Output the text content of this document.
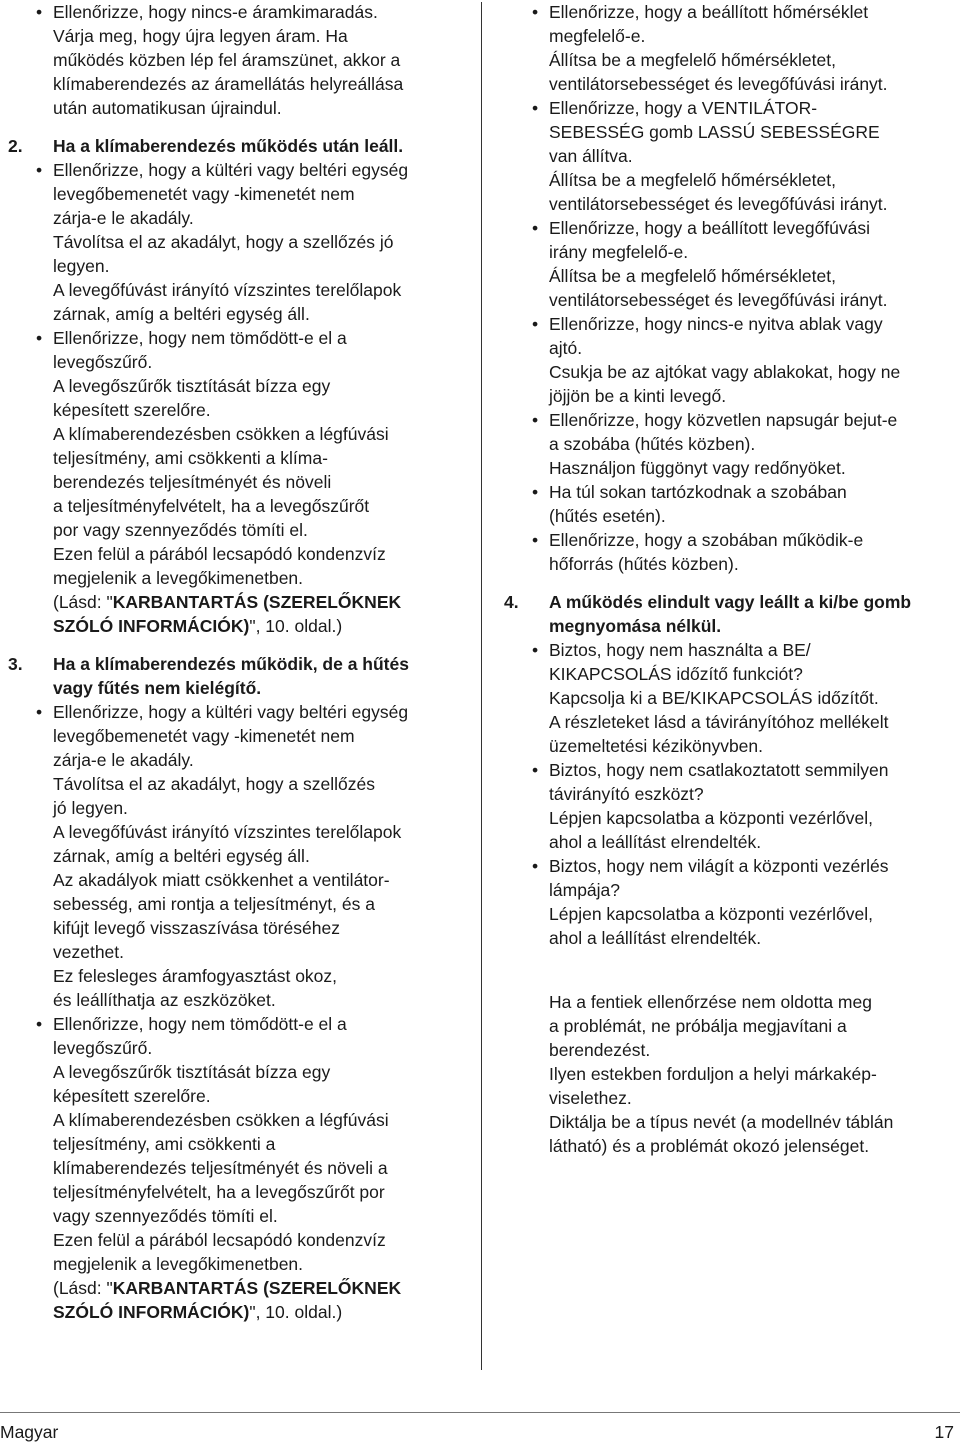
• Ellenőrizze, hogy nincs-e áramkimaradás.

Várja meg, hogy újra legyen áram. Ha

működés közben lép fel áramszünet, akkor a

klímaberendezés az áramellátás helyreállása

után automatikusan újraindul.

2. Ha a klímaberendezés működés után leáll.

• Ellenőrizze, hogy a kültéri vagy beltéri egység

levegőbemenetét vagy -kimenetét nem

zárja-e le akadály.

Távolítsa el az akadályt, hogy a szellőzés jó

legyen.

A levegőfúvást irányító vízszintes terelőlapok

zárnak, amíg a beltéri egység áll.

• Ellenőrizze, hogy nem tömődött-e el a

levegőszűrő.

A levegőszűrők tisztítását bízza egy

képesített szerelőre.

A klímaberendezésben csökken a légfúvási

teljesítmény, ami csökkenti a klíma-

berendezés teljesítményét és növeli

a teljesítményfelvételt, ha a levegőszűrőt

por vagy szennyeződés tömíti el.

Ezen felül a párából lecsapódó kondenzvíz

megjelenik a levegőkimenetben.

(Lásd: "KARBANTARTÁS (SZERELŐKNEK

SZÓLÓ INFORMÁCIÓK)", 10. oldal.)

3. Ha a klímaberendezés működik, de a hűtés

vagy fűtés nem kielégítő.

• Ellenőrizze, hogy a kültéri vagy beltéri egység

levegőbemenetét vagy -kimenetét nem

zárja-e le akadály.

Távolítsa el az akadályt, hogy a szellőzés

jó legyen.

A levegőfúvást irányító vízszintes terelőlapok

zárnak, amíg a beltéri egység áll.

Az akadályok miatt csökkenhet a ventilátor-

sebesség, ami rontja a teljesítményt, és a

kifújt levegő visszaszívása töréséhez

vezethet.

Ez felesleges áramfogyasztást okoz,

és leállíthatja az eszközöket.

• Ellenőrizze, hogy nem tömődött-e el a

levegőszűrő.

A levegőszűrők tisztítását bízza egy

képesített szerelőre.

A klímaberendezésben csökken a légfúvási

teljesítmény, ami csökkenti a

klímaberendezés teljesítményét és növeli a

teljesítményfelvételt, ha a levegőszűrőt por

vagy szennyeződés tömíti el.

Ezen felül a párából lecsapódó kondenzvíz

megjelenik a levegőkimenetben.

(Lásd: "KARBANTARTÁS (SZERELŐKNEK

SZÓLÓ INFORMÁCIÓK)", 10. oldal.)

• Ellenőrizze, hogy a beállított hőmérséklet

megfelelő-e.

Állítsa be a megfelelő hőmérsékletet,

ventilátorsebességet és levegőfúvási irányt.

• Ellenőrizze, hogy a VENTILÁTOR-

SEBESSÉG gomb LASSÚ SEBESSÉGRE

van állítva.

Állítsa be a megfelelő hőmérsékletet,

ventilátorsebességet és levegőfúvási irányt.

• Ellenőrizze, hogy a beállított levegőfúvási

irány megfelelő-e.

Állítsa be a megfelelő hőmérsékletet,

ventilátorsebességet és levegőfúvási irányt.

• Ellenőrizze, hogy nincs-e nyitva ablak vagy

ajtó.

Csukja be az ajtókat vagy ablakokat, hogy ne

jöjjön be a kinti levegő.

• Ellenőrizze, hogy közvetlen napsugár bejut-e

a szobába (hűtés közben).

Használjon függönyt vagy redőnyöket.

• Ha túl sokan tartózkodnak a szobában

(hűtés esetén).

• Ellenőrizze, hogy a szobában működik-e

hőforrás (hűtés közben).

4. A működés elindult vagy leállt a ki/be gomb

megnyomása nélkül.

• Biztos, hogy nem használta a BE/

KIKAPCSOLÁS időzítő funkciót?

Kapcsolja ki a BE/KIKAPCSOLÁS időzítőt.

A részleteket lásd a távirányítóhoz mellékelt

üzemeltetési kézikönyvben.

• Biztos, hogy nem csatlakoztatott semmilyen

távirányító eszközt?

Lépjen kapcsolatba a központi vezérlővel,

ahol a leállítást elrendelték.

• Biztos, hogy nem világít a központi vezérlés

lámpája?

Lépjen kapcsolatba a központi vezérlővel,

ahol a leállítást elrendelték.

Ha a fentiek ellenőrzése nem oldotta meg

a problémát, ne próbálja megjavítani a

berendezést.

Ilyen estekben forduljon a helyi márkakép-

viselethez.

Diktálja be a típus nevét (a modellnév táblán

látható) és a problémát okozó jelenséget.

Magyar	17
